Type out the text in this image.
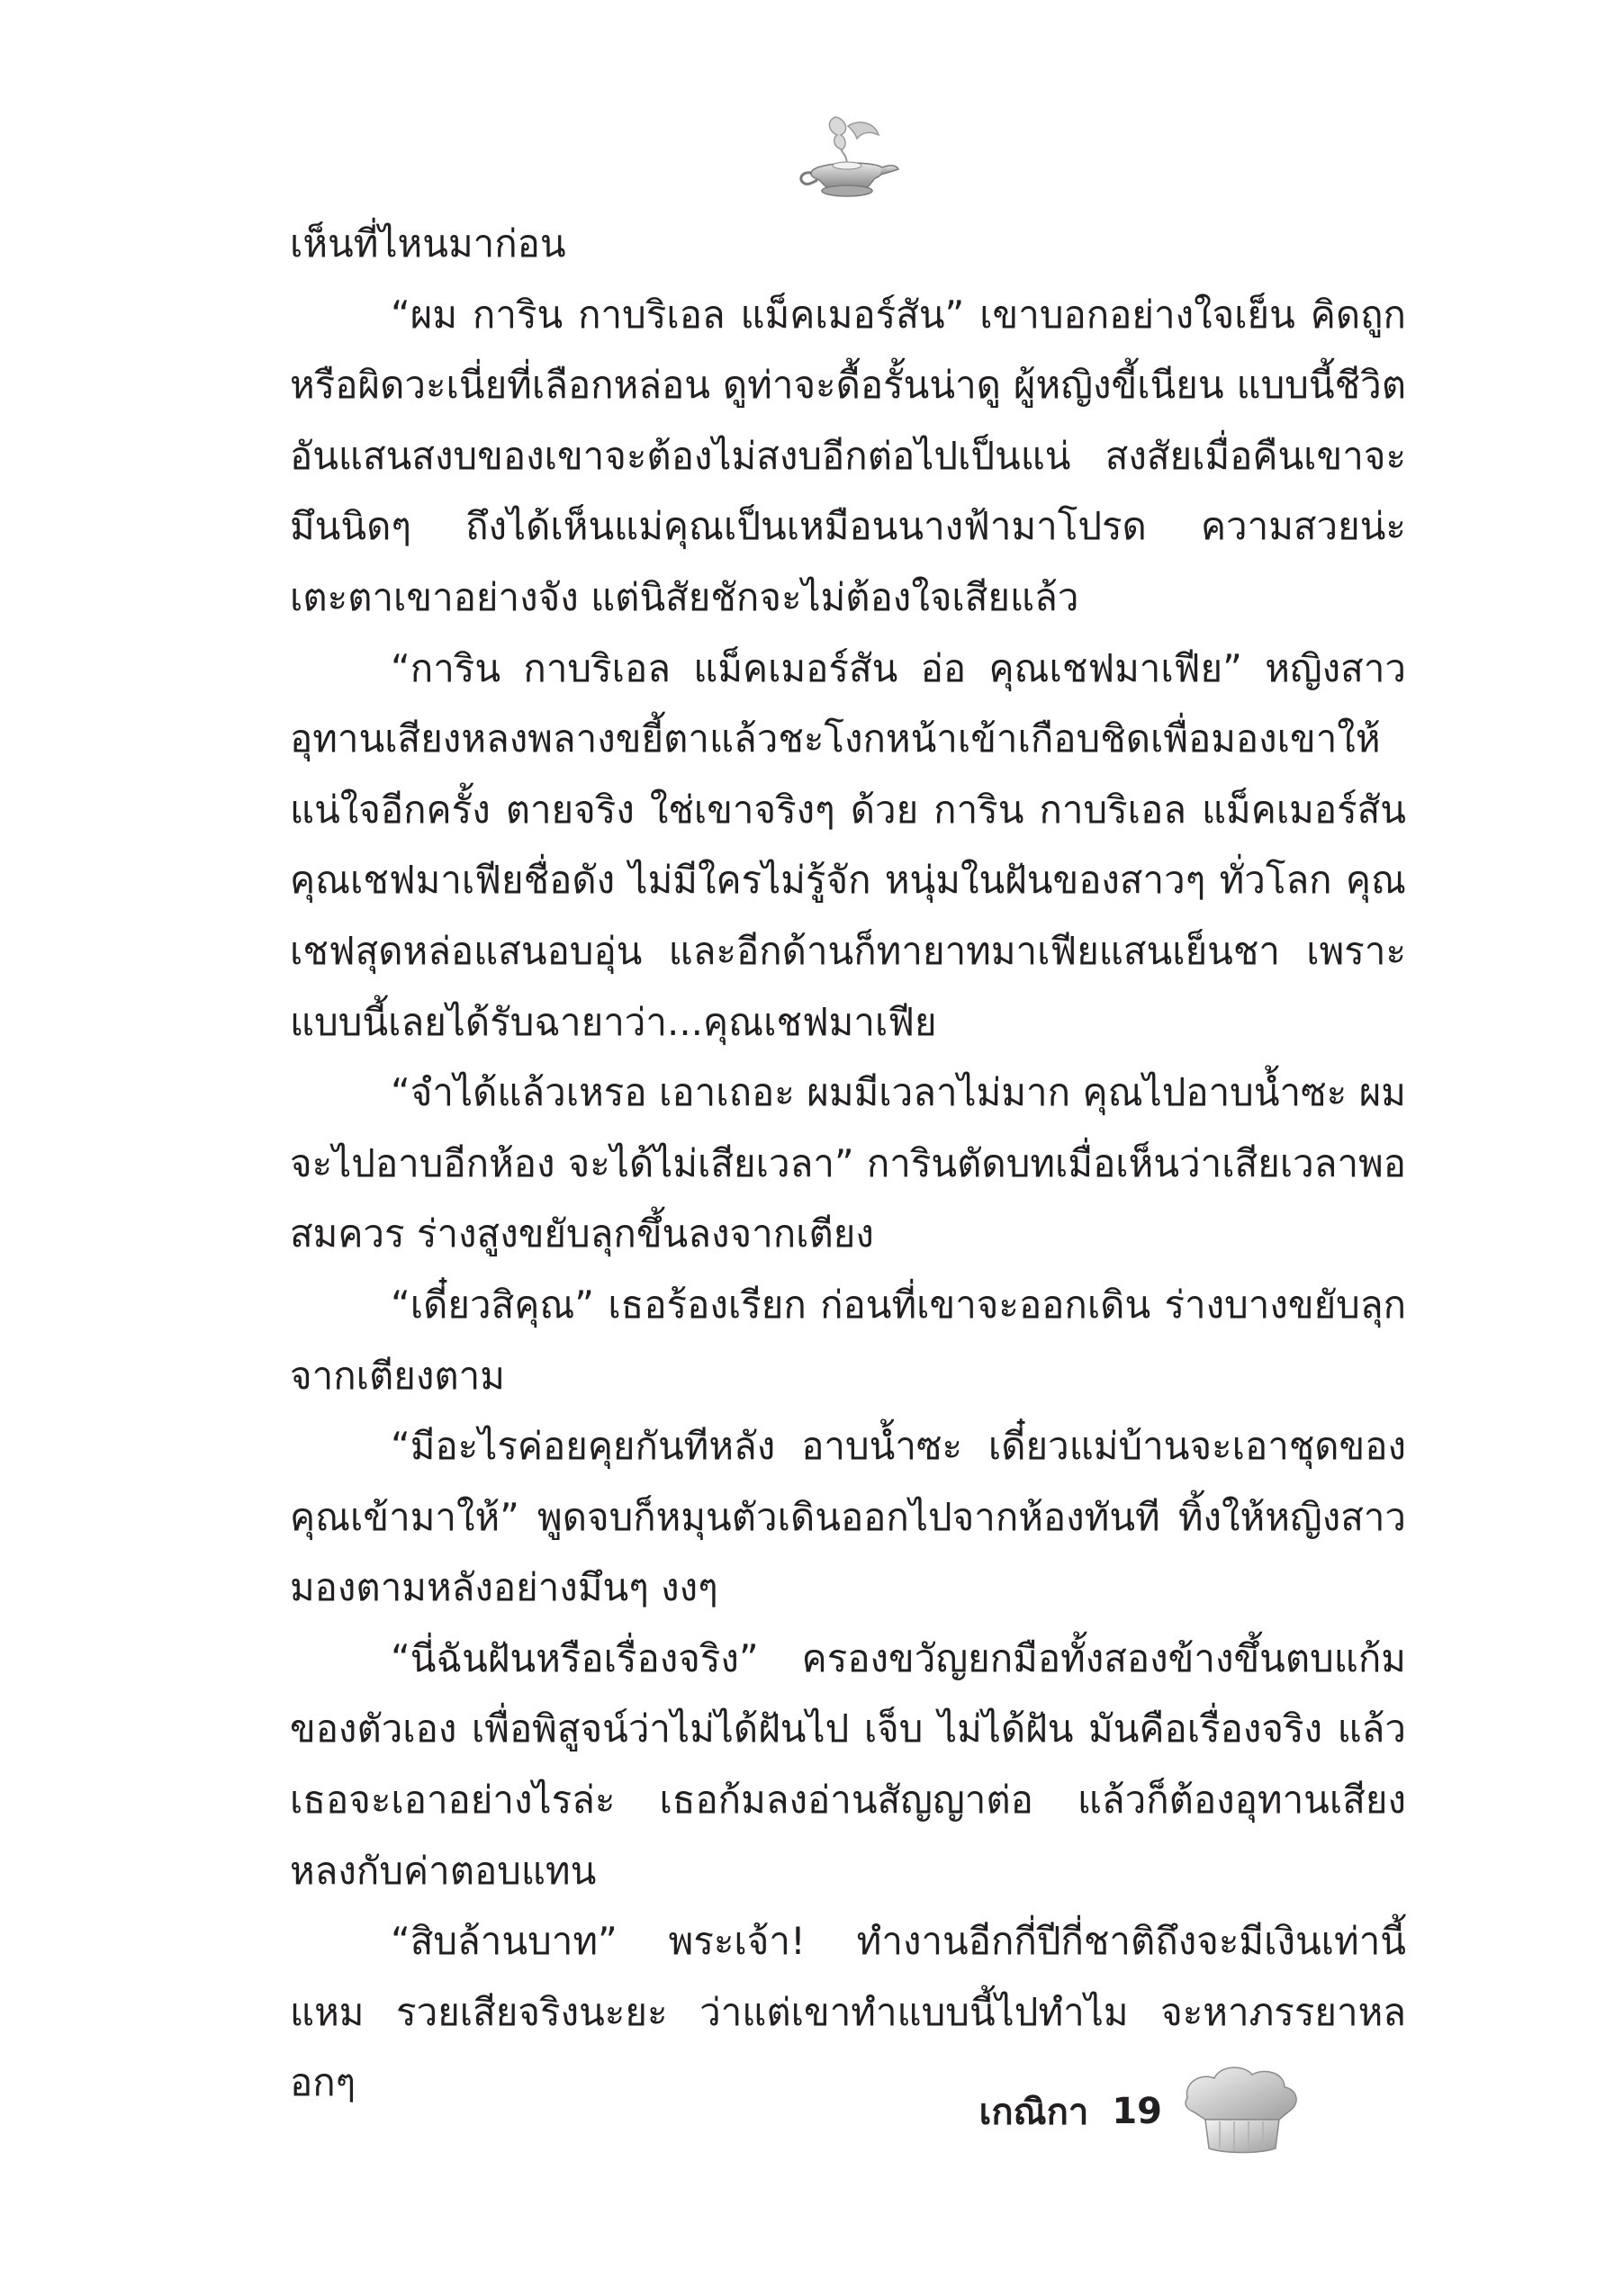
เห็นที่ไหนมาก่อน

“ผม การิน กาบริเอล แม็คเมอร์สัน” เขาบอกอย่างใจเย็น คิดถูกหรือผิดวะเนี่ยที่เลือกหล่อน ดูท่าจะดื้อรั้นน่าดู ผู้หญิงขี้เนียน แบบนี้ชีวิตอันแสนสงบของเขาจะต้องไม่สงบอีกต่อไปเป็นแน่ สงสัยเมื่อคืนเขาจะมึนนิดๆ ถึงได้เห็นแม่คุณเป็นเหมือนนางฟ้ามาโปรด ความสวยน่ะเตะตาเขาอย่างจัง แต่นิสัยชักจะไม่ต้องใจเสียแล้ว

“การิน กาบริเอล แม็คเมอร์สัน อ่อ คุณเชฟมาเฟีย” หญิงสาวอุทานเสียงหลงพลางขยี้ตาแล้วชะโงกหน้าเข้าเกือบชิดเพื่อมองเขาให้แน่ใจอีกครั้ง ตายจริง ใช่เขาจริงๆ ด้วย การิน กาบริเอล แม็คเมอร์สัน คุณเชฟมาเฟียชื่อดัง ไม่มีใครไม่รู้จัก หนุ่มในฝันของสาวๆ ทั่วโลก คุณเชฟสุดหล่อแสนอบอุ่น และอีกด้านก็ทายาทมาเฟียแสนเย็นชา เพราะแบบนี้เลยได้รับฉายาว่า...คุณเชฟมาเฟีย

“จำได้แล้วเหรอ เอาเถอะ ผมมีเวลาไม่มาก คุณไปอาบน้ำซะ ผมจะไปอาบอีกห้อง จะได้ไม่เสียเวลา” การินตัดบทเมื่อเห็นว่าเสียเวลาพอสมควร ร่างสูงขยับลุกขึ้นลงจากเตียง

“เดี๋ยวสิคุณ” เธอร้องเรียก ก่อนที่เขาจะออกเดิน ร่างบางขยับลุกจากเตียงตาม

“มีอะไรค่อยคุยกันทีหลัง อาบน้ำซะ เดี๋ยวแม่บ้านจะเอาชุดของคุณเข้ามาให้” พูดจบก็หมุนตัวเดินออกไปจากห้องทันที ทิ้งให้หญิงสาวมองตามหลังอย่างมึนๆ งงๆ

“นี่ฉันฝันหรือเรื่องจริง” ครองขวัญยกมือทั้งสองข้างขึ้นตบแก้มของตัวเอง เพื่อพิสูจน์ว่าไม่ได้ฝันไป เจ็บ ไม่ได้ฝัน มันคือเรื่องจริง แล้วเธอจะเอาอย่างไรล่ะ เธอก้มลงอ่านสัญญาต่อ แล้วก็ต้องอุทานเสียงหลงกับค่าตอบแทน

“สิบล้านบาท” พระเจ้า! ทำงานอีกกี่ปีกี่ชาติถึงจะมีเงินเท่านี้ แหม รวยเสียจริงนะยะ ว่าแต่เขาทำแบบนี้ไปทำไม จะหาภรรยาหลอกๆ

เกณิกา 19
